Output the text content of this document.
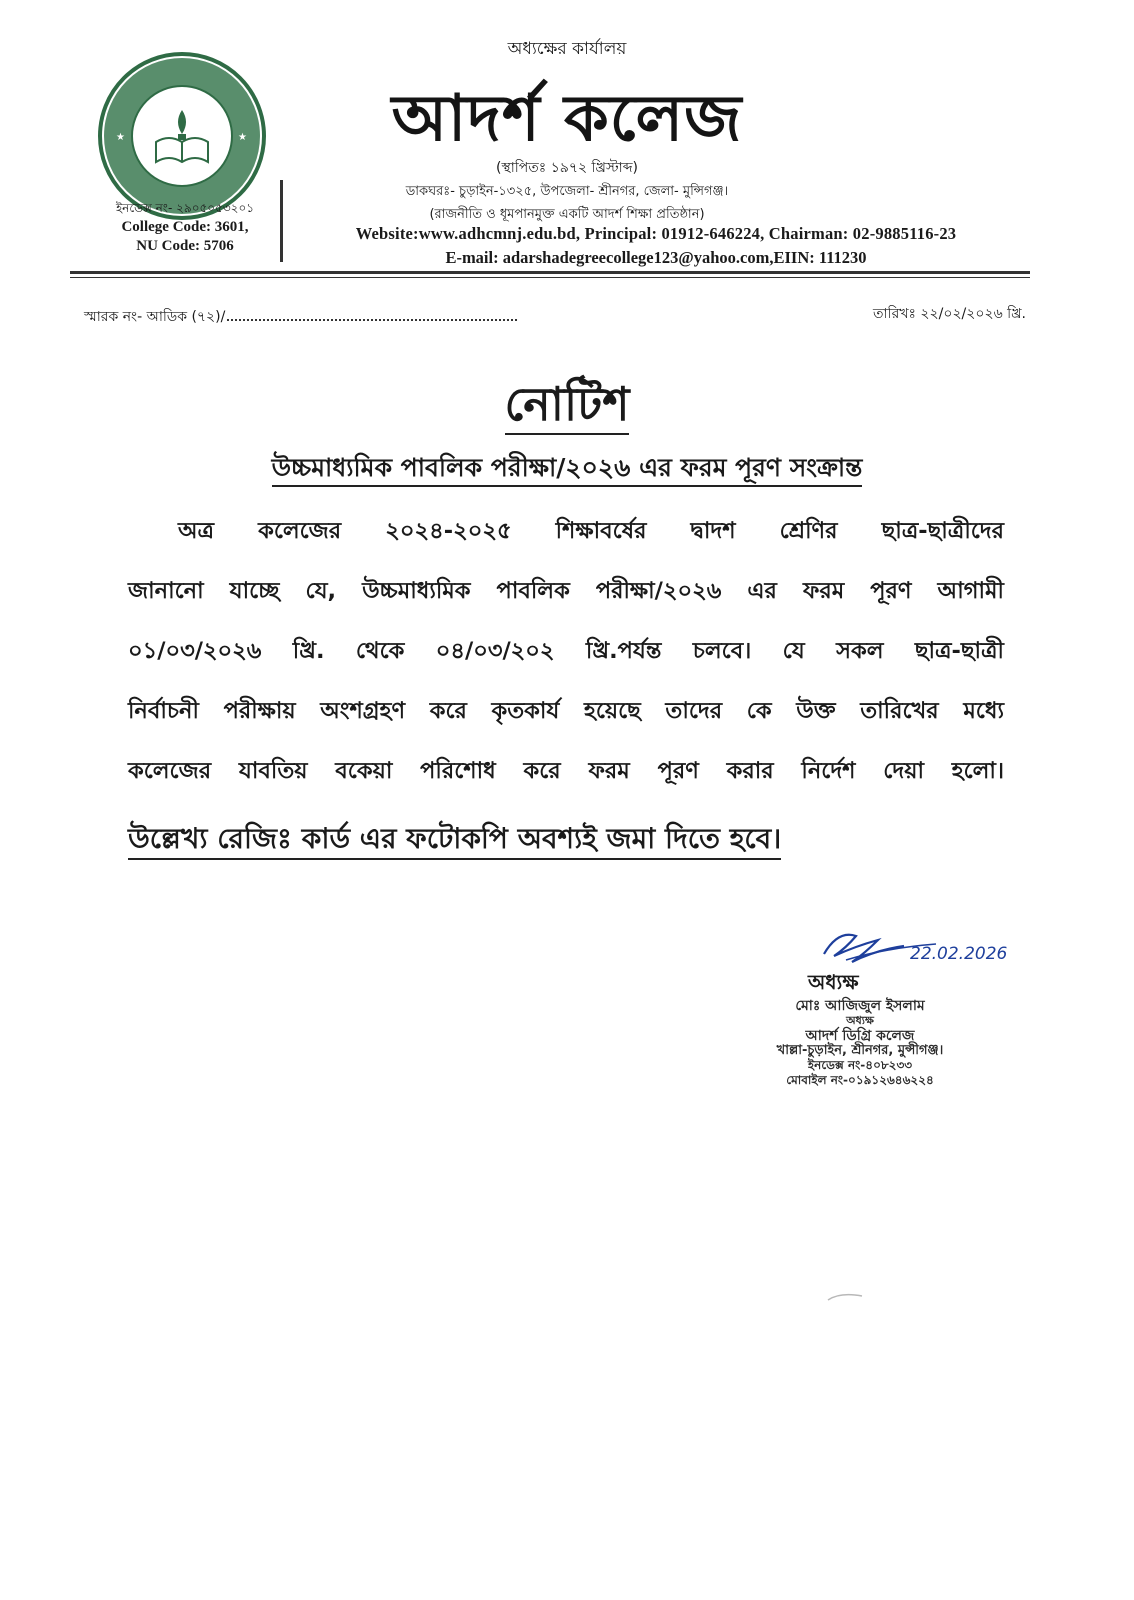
★	★
অধ্যক্ষের কার্যালয়
আদর্শ কলেজ
(স্থাপিতঃ ১৯৭২ খ্রিস্টাব্দ)
ডাকঘরঃ- চুড়াইন-১৩২৫, উপজেলা- শ্রীনগর, জেলা- মুন্সিগঞ্জ।
(রাজনীতি ও ধূমপানমুক্ত একটি আদর্শ শিক্ষা প্রতিষ্ঠান)
ইনডেক্স নং- ২৯০৫০৫৩২০১
College Code: 3601,
NU Code: 5706
Website:www.adhcmnj.edu.bd, Principal: 01912-646224, Chairman: 02-9885116-23
E-mail: adarshadegreecollege123@yahoo.com,EIIN: 111230
স্মারক নং- আডিক (৭২)/	তারিখঃ ২২/০২/২০২৬ খ্রি.
নোটিশ
উচ্চমাধ্যমিক পাবলিক পরীক্ষা/২০২৬ এর ফরম পূরণ সংক্রান্ত
অত্র কলেজের ২০২৪-২০২৫ শিক্ষাবর্ষের দ্বাদশ শ্রেণির ছাত্র-ছাত্রীদের
জানানো যাচ্ছে যে, উচ্চমাধ্যমিক পাবলিক পরীক্ষা/২০২৬ এর ফরম পূরণ আগামী
০১/০৩/২০২৬ খ্রি. থেকে ০৪/০৩/২০২ খ্রি.পর্যন্ত চলবে। যে সকল ছাত্র-ছাত্রী
নির্বাচনী পরীক্ষায় অংশগ্রহণ করে কৃতকার্য হয়েছে তাদের কে উক্ত তারিখের মধ্যে
কলেজের যাবতিয় বকেয়া পরিশোধ করে ফরম পূরণ করার নির্দেশ দেয়া হলো।
উল্লেখ্য রেজিঃ কার্ড এর ফটোকপি অবশ্যই জমা দিতে হবে।
22.02.2026
অধ্যক্ষ
মোঃ আজিজুল ইসলাম
অধ্যক্ষ
আদর্শ ডিগ্রি কলেজ
খাল্লা-চুড়াইন, শ্রীনগর, মুন্সীগঞ্জ।
ইনডেক্স নং-৪০৮২৩৩
মোবাইল নং-০১৯১২৬৪৬২২৪
